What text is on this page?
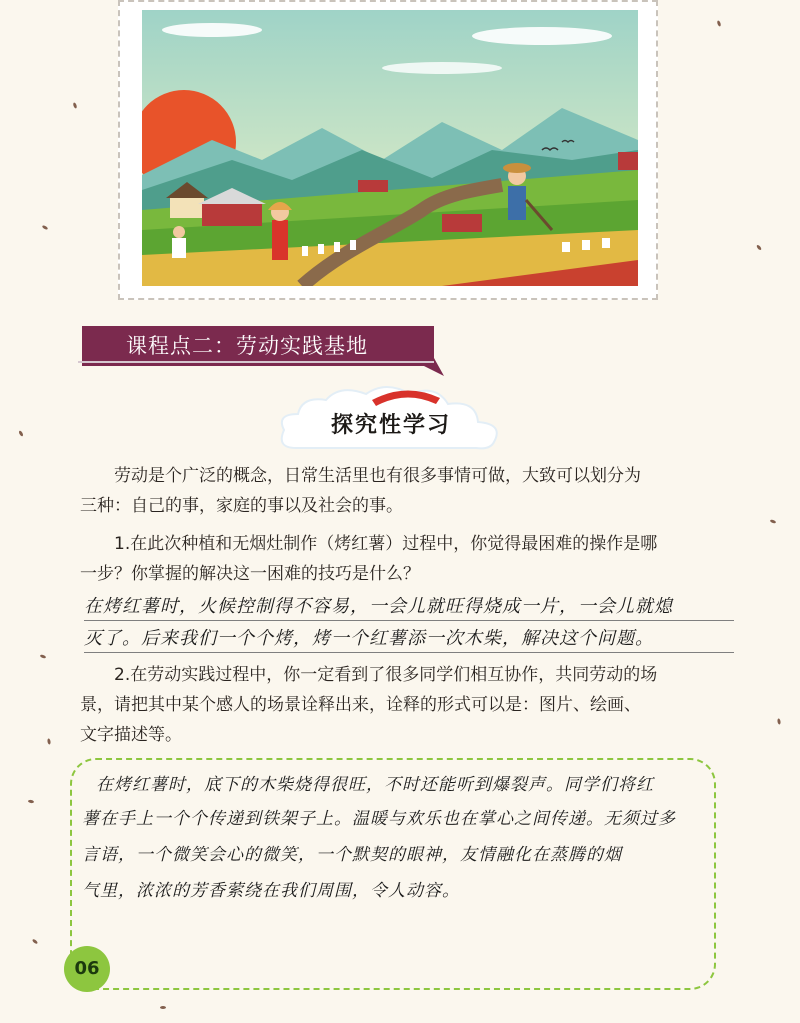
课程点二：劳动实践基地
探究性学习
劳动是个广泛的概念，日常生活里也有很多事情可做，大致可以划分为
三种：自己的事，家庭的事以及社会的事。
1.在此次种植和无烟灶制作（烤红薯）过程中，你觉得最困难的操作是哪
一步？你掌握的解决这一困难的技巧是什么？
在烤红薯时，火候控制得不容易，一会儿就旺得烧成一片，一会儿就熄
灭了。后来我们一个个烤，烤一个红薯添一次木柴，解决这个问题。
2.在劳动实践过程中，你一定看到了很多同学们相互协作，共同劳动的场
景，请把其中某个感人的场景诠释出来，诠释的形式可以是：图片、绘画、
文字描述等。
在烤红薯时，底下的木柴烧得很旺，不时还能听到爆裂声。同学们将红
薯在手上一个个传递到铁架子上。温暖与欢乐也在掌心之间传递。无须过多
言语，一个微笑会心的微笑，一个默契的眼神，友情融化在蒸腾的烟
气里，浓浓的芳香萦绕在我们周围，令人动容。
06
